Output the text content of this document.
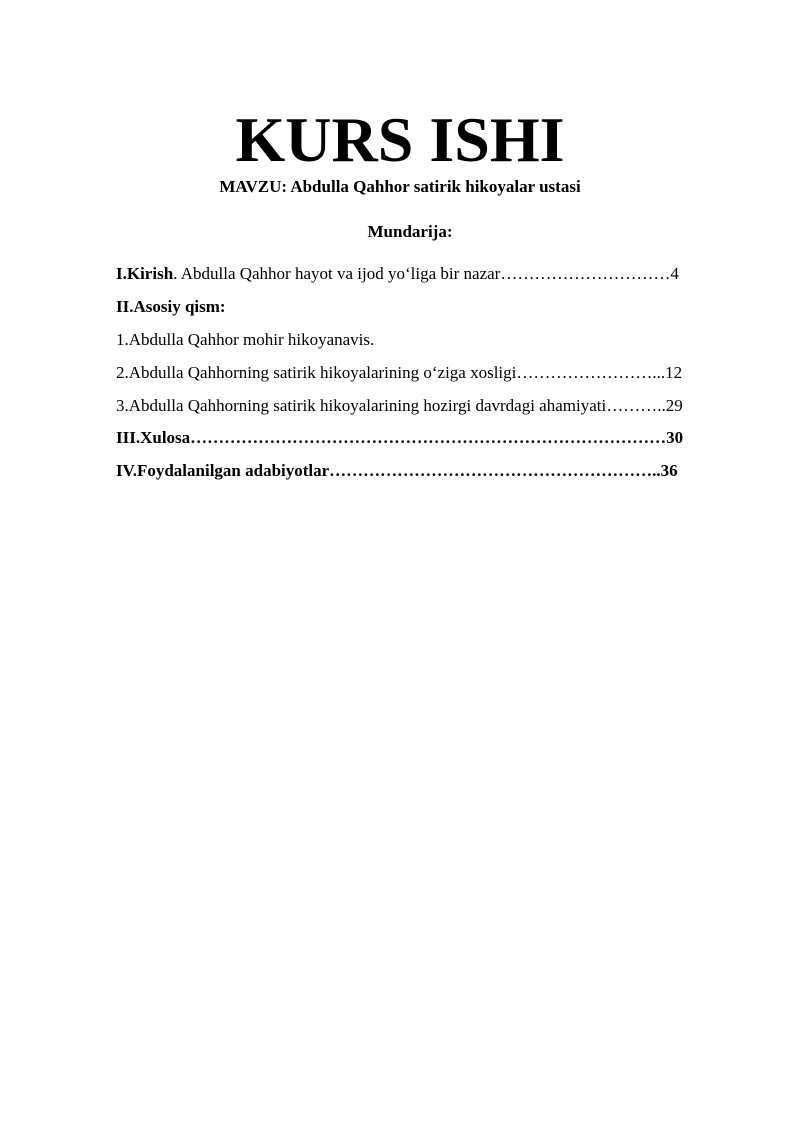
KURS ISHI
MAVZU: Abdulla Qahhor satirik hikoyalar ustasi
Mundarija:
I.Kirish. Abdulla Qahhor hayot va ijod yo‘liga bir nazar…………………………4
II.Asosiy qism:
1.Abdulla Qahhor mohir hikoyanavis.
2.Abdulla Qahhorning satirik hikoyalarining o‘ziga xosligi……………………...12
3.Abdulla Qahhorning satirik hikoyalarining hozirgi davrdagi ahamiyati………..29
III.Xulosa…………………………………………………………………………30
IV.Foydalanilgan adabiyotlar…………………………………………………..36
